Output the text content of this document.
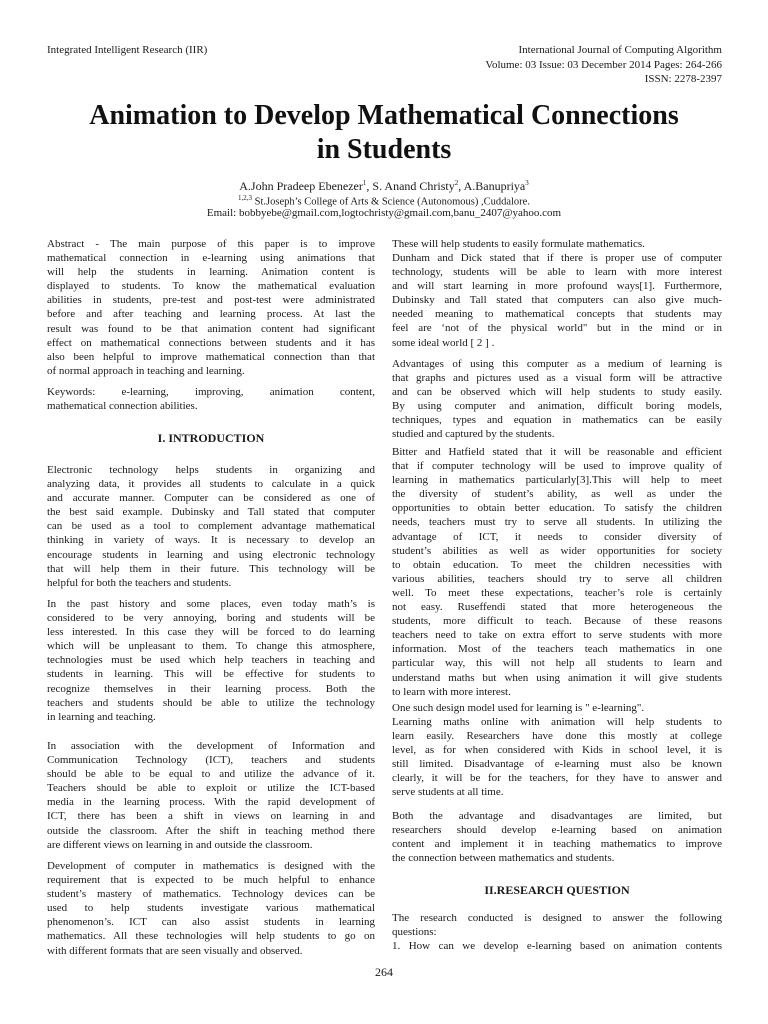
Integrated Intelligent Research (IIR)	International Journal of Computing Algorithm
Volume: 03 Issue: 03 December 2014 Pages: 264-266
ISSN: 2278-2397
Animation to Develop Mathematical Connections
in Students
A.John Pradeep Ebenezer$^1$, S. Anand Christy$^2$, A.Banupriya$^3$
$^{1,2,3}$ St.Joseph’s College of Arts & Science (Autonomous) ,Cuddalore.
Email: bobbyebe@gmail.com,logtochristy@gmail.com,banu_2407@yahoo.com
Abstract - The main purpose of this paper is to improve
mathematical connection in e-learning using animations that
will help the students in learning. Animation content is
displayed to students. To know the mathematical evaluation
abilities in students, pre-test and post-test were administrated
before and after teaching and learning process. At last the
result was found to be that animation content had significant
effect on mathematical connections between students and it has
also been helpful to improve mathematical connection than that
of normal approach in teaching and learning.
Keywords: e-learning, improving, animation content,
mathematical connection abilities.
I. INTRODUCTION
Electronic technology helps students in organizing and
analyzing data, it provides all students to calculate in a quick
and accurate manner. Computer can be considered as one of
the best said example. Dubinsky and Tall stated that computer
can be used as a tool to complement advantage mathematical
thinking in variety of ways. It is necessary to develop an
encourage students in learning and using electronic technology
that will help them in their future. This technology will be
helpful for both the teachers and students.
In the past history and some places, even today math’s is
considered to be very annoying, boring and students will be
less interested. In this case they will be forced to do learning
which will be unpleasant to them. To change this atmosphere,
technologies must be used which help teachers in teaching and
students in learning. This will be effective for students to
recognize themselves in their learning process. Both the
teachers and students should be able to utilize the technology
in learning and teaching.
In association with the development of Information and
Communication Technology (ICT), teachers and students
should be able to be equal to and utilize the advance of it.
Teachers should be able to exploit or utilize the ICT-based
media in the learning process. With the rapid development of
ICT, there has been a shift in views on learning in and
outside the classroom. After the shift in teaching method there
are different views on learning in and outside the classroom.
Development of computer in mathematics is designed with the
requirement that is expected to be much helpful to enhance
student’s mastery of mathematics. Technology devices can be
used to help students investigate various mathematical
phenomenon’s. ICT can also assist students in learning
mathematics. All these technologies will help students to go on
with different formats that are seen visually and observed.
These will help students to easily formulate mathematics.
Dunham and Dick stated that if there is proper use of computer
technology, students will be able to learn with more interest
and will start learning in more profound ways[1]. Furthermore,
Dubinsky and Tall stated that computers can also give much-
needed meaning to mathematical concepts that students may
feel are ‘not of the physical world" but in the mind or in
some ideal world [ 2 ] .
Advantages of using this computer as a medium of learning is
that graphs and pictures used as a visual form will be attractive
and can be observed which will help students to study easily.
By using computer and animation, difficult boring models,
techniques, types and equation in mathematics can be easily
studied and captured by the students.
Bitter and Hatfield stated that it will be reasonable and efficient
that if computer technology will be used to improve quality of
learning in mathematics particularly[3].This will help to meet
the diversity of student’s ability, as well as under the
opportunities to obtain better education. To satisfy the children
needs, teachers must try to serve all students. In utilizing the
advantage of ICT, it needs to consider diversity of
student’s abilities as well as wider opportunities for society
to obtain education. To meet the children necessities with
various abilities, teachers should try to serve all children
well. To meet these expectations, teacher’s role is certainly
not easy. Ruseffendi stated that more heterogeneous the
students, more difficult to teach. Because of these reasons
teachers need to take on extra effort to serve students with more
information. Most of the teachers teach mathematics in one
particular way, this will not help all students to learn and
understand maths but when using animation it will give students
to learn with more interest.
One such design model used for learning is " e-learning".
Learning maths online with animation will help students to
learn easily. Researchers have done this mostly at college
level, as for when considered with Kids in school level, it is
still limited. Disadvantage of e-learning must also be known
clearly, it will be for the teachers, for they have to answer and
serve students at all time.
Both the advantage and disadvantages are limited, but
researchers should develop e-learning based on animation
content and implement it in teaching mathematics to improve
the connection between mathematics and students.
II.RESEARCH QUESTION
The research conducted is designed to answer the following
questions:
1. How can we develop e-learning based on animation contents
264
